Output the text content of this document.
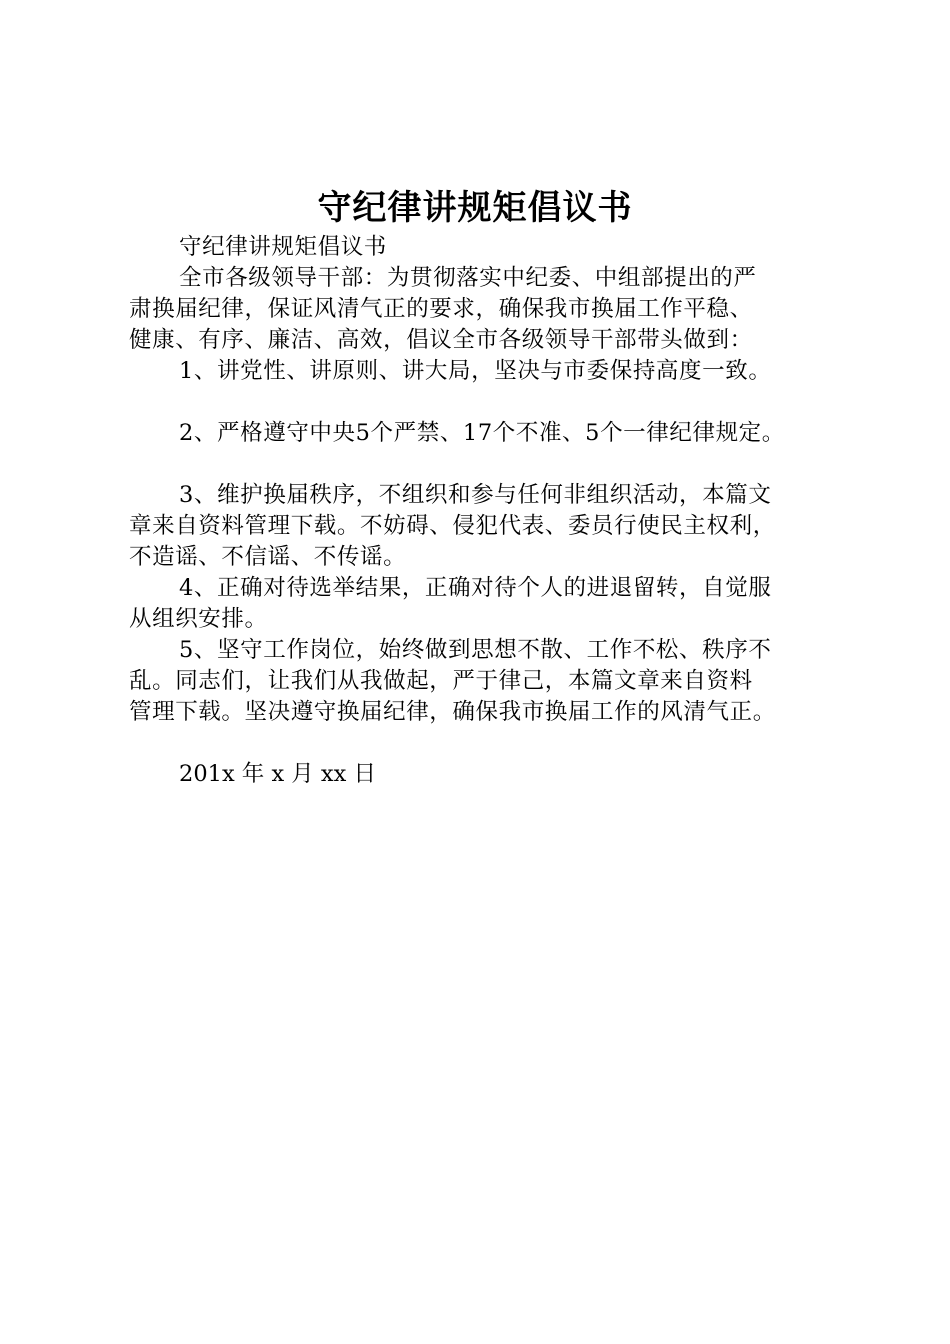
守纪律讲规矩倡议书
守纪律讲规矩倡议书
全市各级领导干部：为贯彻落实中纪委、中组部提出的严
肃换届纪律，保证风清气正的要求，确保我市换届工作平稳、
健康、有序、廉洁、高效，倡议全市各级领导干部带头做到：
1、讲党性、讲原则、讲大局，坚决与市委保持高度一致。
2、严格遵守中央5个严禁、17个不准、5个一律纪律规定。
3、维护换届秩序，不组织和参与任何非组织活动，本篇文
章来自资料管理下载。不妨碍、侵犯代表、委员行使民主权利，
不造谣、不信谣、不传谣。
4、正确对待选举结果，正确对待个人的进退留转，自觉服
从组织安排。
5、坚守工作岗位，始终做到思想不散、工作不松、秩序不
乱。同志们，让我们从我做起，严于律己，本篇文章来自资料
管理下载。坚决遵守换届纪律，确保我市换届工作的风清气正。
201x 年 x 月 xx 日
